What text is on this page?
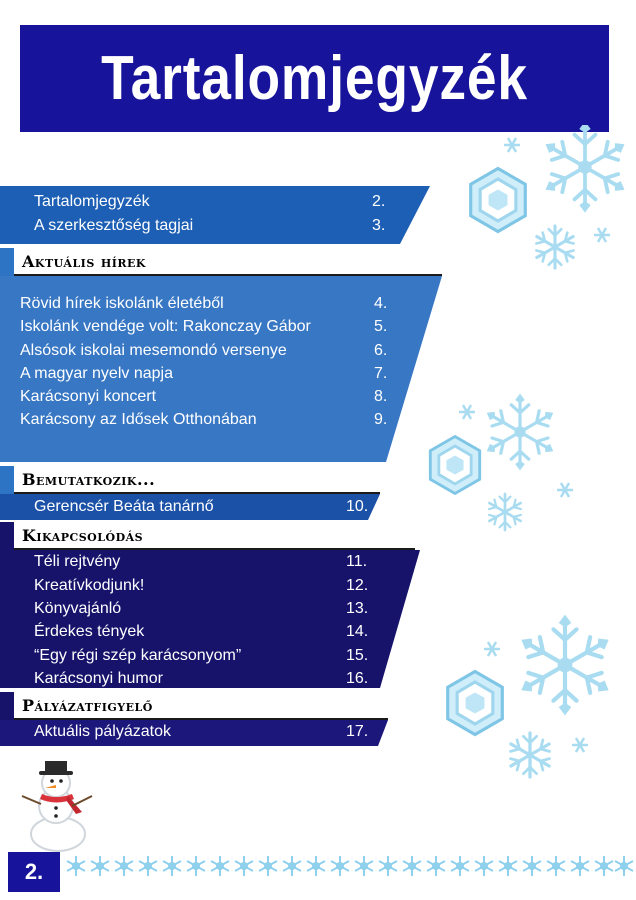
Tartalomjegyzék
Tartalomjegyzék	2.
A szerkesztőség tagjai	3.
Aktuális hírek
Rövid hírek iskolánk életéből	4.
Iskolánk vendége volt: Rakonczay Gábor	5.
Alsósok iskolai mesemondó versenye	6.
A magyar nyelv napja	7.
Karácsonyi koncert	8.
Karácsony az Idősek Otthonában	9.
Bemutatkozik...
Gerencsér Beáta tanárnő	10.
Kikapcsolódás
Téli rejtvény	11.
Kreatívkodjunk!	12.
Könyvajánló	13.
Érdekes tények	14.
“Egy régi szép karácsonyom”	15.
Karácsonyi humor	16.
Pályázatfigyelő
Aktuális pályázatok	17.
2.
